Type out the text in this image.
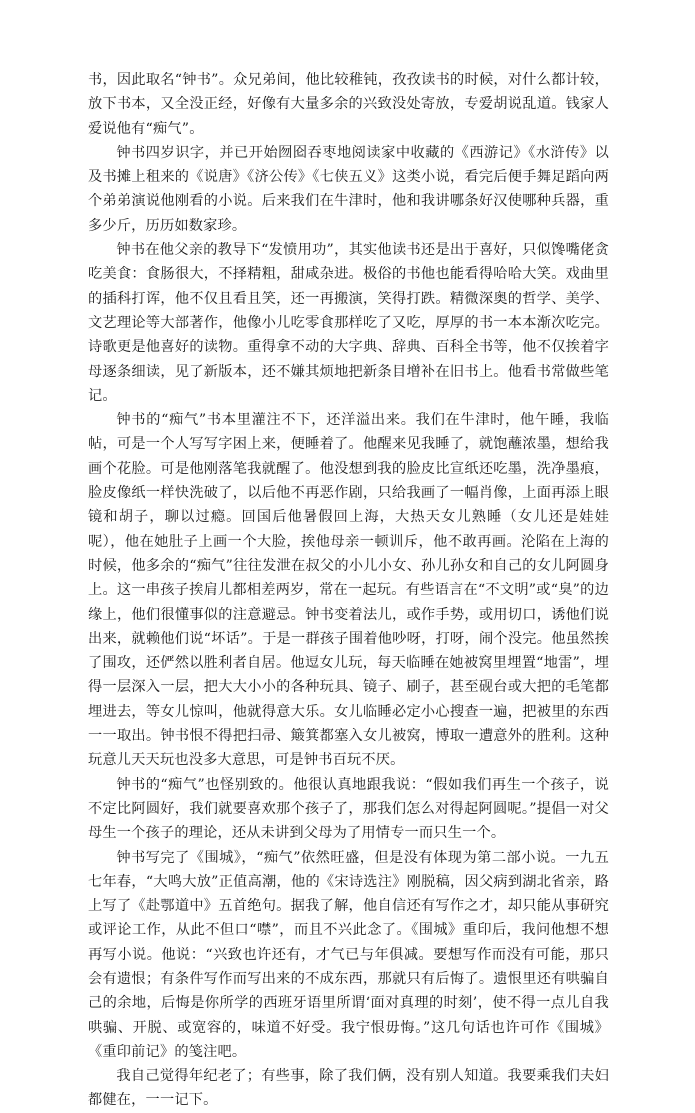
书，因此取名“钟书”。众兄弟间，他比较稚钝，孜孜读书的时候，对什么都计较，放下书本，又全没正经，好像有大量多余的兴致没处寄放，专爱胡说乱道。钱家人爱说他有“痴气”。

钟书四岁识字，并已开始囫囵吞枣地阅读家中收藏的《西游记》《水浒传》以及书摊上租来的《说唐》《济公传》《七侠五义》这类小说，看完后便手舞足蹈向两个弟弟演说他刚看的小说。后来我们在牛津时，他和我讲哪条好汉使哪种兵器，重多少斤，历历如数家珍。

钟书在他父亲的教导下“发愤用功”，其实他读书还是出于喜好，只似馋嘴佬贪吃美食：食肠很大，不择精粗，甜咸杂进。极俗的书他也能看得哈哈大笑。戏曲里的插科打诨，他不仅且看且笑，还一再搬演，笑得打跌。精微深奥的哲学、美学、文艺理论等大部著作，他像小儿吃零食那样吃了又吃，厚厚的书一本本渐次吃完。诗歌更是他喜好的读物。重得拿不动的大字典、辞典、百科全书等，他不仅挨着字母逐条细读，见了新版本，还不嫌其烦地把新条目增补在旧书上。他看书常做些笔记。

钟书的“痴气”书本里灌注不下，还洋溢出来。我们在牛津时，他午睡，我临帖，可是一个人写写字困上来，便睡着了。他醒来见我睡了，就饱蘸浓墨，想给我画个花脸。可是他刚落笔我就醒了。他没想到我的脸皮比宣纸还吃墨，洗净墨痕，脸皮像纸一样快洗破了，以后他不再恶作剧，只给我画了一幅肖像，上面再添上眼镜和胡子，聊以过瘾。回国后他暑假回上海，大热天女儿熟睡（女儿还是娃娃呢），他在她肚子上画一个大脸，挨他母亲一顿训斥，他不敢再画。沦陷在上海的时候，他多余的“痴气”往往发泄在叔父的小儿小女、孙儿孙女和自己的女儿阿圆身上。这一串孩子挨肩儿都相差两岁，常在一起玩。有些语言在“不文明”或“臭”的边缘上，他们很懂事似的注意避忌。钟书变着法儿，或作手势，或用切口，诱他们说出来，就赖他们说“坏话”。于是一群孩子围着他吵呀，打呀，闹个没完。他虽然挨了围攻，还俨然以胜利者自居。他逗女儿玩，每天临睡在她被窝里埋置“地雷”，埋得一层深入一层，把大大小小的各种玩具、镜子、刷子，甚至砚台或大把的毛笔都埋进去，等女儿惊叫，他就得意大乐。女儿临睡必定小心搜查一遍，把被里的东西一一取出。钟书恨不得把扫帚、簸箕都塞入女儿被窝，博取一遭意外的胜利。这种玩意儿天天玩也没多大意思，可是钟书百玩不厌。

钟书的“痴气”也怪别致的。他很认真地跟我说：“假如我们再生一个孩子，说不定比阿圆好，我们就要喜欢那个孩子了，那我们怎么对得起阿圆呢。”提倡一对父母生一个孩子的理论，还从未讲到父母为了用情专一而只生一个。

钟书写完了《围城》，“痴气”依然旺盛，但是没有体现为第二部小说。一九五七年春，“大鸣大放”正值高潮，他的《宋诗选注》刚脱稿，因父病到湖北省亲，路上写了《赴鄂道中》五首绝句。据我了解，他自信还有写作之才，却只能从事研究或评论工作，从此不但口“噤”，而且不兴此念了。《围城》重印后，我问他想不想再写小说。他说：“兴致也许还有，才气已与年俱减。要想写作而没有可能，那只会有遗恨；有条件写作而写出来的不成东西，那就只有后悔了。遗恨里还有哄骗自己的余地，后悔是你所学的西班牙语里所谓‘面对真理的时刻’，使不得一点儿自我哄骗、开脱、或宽容的，味道不好受。我宁恨毋悔。”这几句话也许可作《围城》《重印前记》的笺注吧。

我自己觉得年纪老了；有些事，除了我们俩，没有别人知道。我要乘我们夫妇都健在，一一记下。
